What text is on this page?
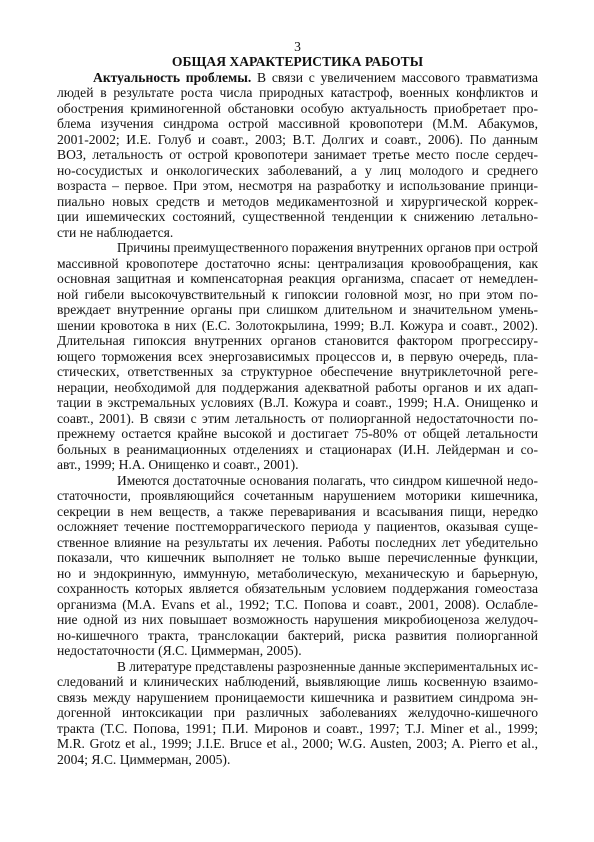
3
ОБЩАЯ ХАРАКТЕРИСТИКА РАБОТЫ
Актуальность проблемы. В связи с увеличением массового травматизма
людей в результате роста числа природных катастроф, военных конфликтов и
обострения криминогенной обстановки особую актуальность приобретает про-
блема изучения синдрома острой массивной кровопотери (М.М. Абакумов,
2001-2002; И.Е. Голуб и соавт., 2003; В.Т. Долгих и соавт., 2006). По данным
ВОЗ, летальность от острой кровопотери занимает третье место после сердеч-
но-сосудистых и онкологических заболеваний, а у лиц молодого и среднего
возраста – первое. При этом, несмотря на разработку и использование принци-
пиально новых средств и методов медикаментозной и хирургической коррек-
ции ишемических состояний, существенной тенденции к снижению летально-
сти не наблюдается.
Причины преимущественного поражения внутренних органов при острой
массивной кровопотере достаточно ясны: централизация кровообращения, как
основная защитная и компенсаторная реакция организма, спасает от немедлен-
ной гибели высокочувствительный к гипоксии головной мозг, но при этом по-
вреждает внутренние органы при слишком длительном и значительном умень-
шении кровотока в них (Е.С. Золотокрылина, 1999; В.Л. Кожура и соавт., 2002).
Длительная гипоксия внутренних органов становится фактором прогрессиру-
ющего торможения всех энергозависимых процессов и, в первую очередь, пла-
стических, ответственных за структурное обеспечение внутриклеточной реге-
нерации, необходимой для поддержания адекватной работы органов и их адап-
тации в экстремальных условиях (В.Л. Кожура и соавт., 1999; Н.А. Онищенко и
соавт., 2001). В связи с этим летальность от полиорганной недостаточности по-
прежнему остается крайне высокой и достигает 75-80% от общей летальности
больных в реанимационных отделениях и стационарах (И.Н. Лейдерман и со-
авт., 1999; Н.А. Онищенко и соавт., 2001).
Имеются достаточные основания полагать, что синдром кишечной недо-
статочности, проявляющийся сочетанным нарушением моторики кишечника,
секреции в нем веществ, а также переваривания и всасывания пищи, нередко
осложняет течение постгеморрагического периода у пациентов, оказывая суще-
ственное влияние на результаты их лечения. Работы последних лет убедительно
показали, что кишечник выполняет не только выше перечисленные функции,
но и эндокринную, иммунную, метаболическую, механическую и барьерную,
сохранность которых является обязательным условием поддержания гомеостаза
организма (M.A. Evans et al., 1992; Т.С. Попова и соавт., 2001, 2008). Ослабле-
ние одной из них повышает возможность нарушения микробиоценоза желудоч-
но-кишечного тракта, транслокации бактерий, риска развития полиорганной
недостаточности (Я.С. Циммерман, 2005).
В литературе представлены разрозненные данные экспериментальных ис-
следований и клинических наблюдений, выявляющие лишь косвенную взаимо-
связь между нарушением проницаемости кишечника и развитием синдрома эн-
догенной интоксикации при различных заболеваниях желудочно-кишечного
тракта (Т.С. Попова, 1991; П.И. Миронов и соавт., 1997; T.J. Miner et al., 1999;
M.R. Grotz et al., 1999; J.I.E. Bruce et al., 2000; W.G. Austen, 2003; A. Pierro et al.,
2004; Я.С. Циммерман, 2005).
